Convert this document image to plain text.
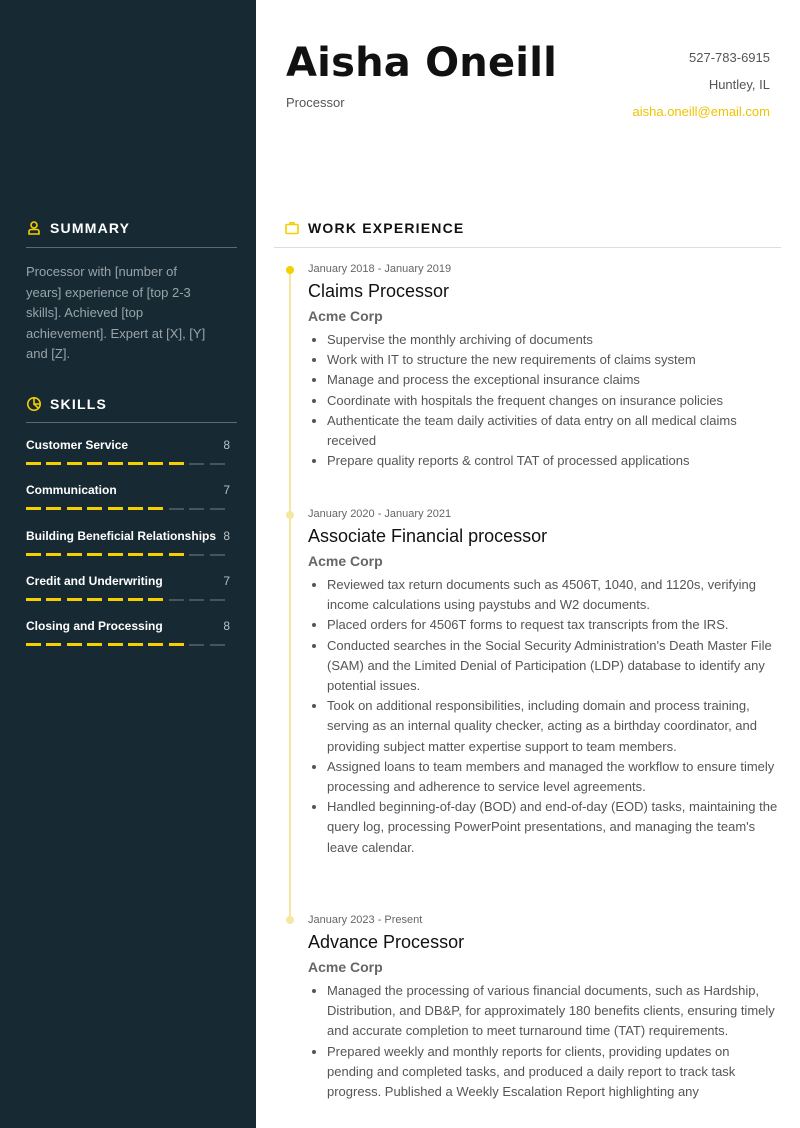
SUMMARY
Processor with [number of years] experience of [top 2-3 skills]. Achieved [top achievement]. Expert at [X], [Y] and [Z].
SKILLS
Customer Service	8
Communication	7
Building Beneficial Relationships 8
Credit and Underwriting	7
Closing and Processing	8
Aisha Oneill
Processor
527-783-6915
Huntley, IL
aisha.oneill@email.com
WORK EXPERIENCE
January 2018 - January 2019
Claims Processor
Acme Corp
• Supervise the monthly archiving of documents
• Work with IT to structure the new requirements of claims system
• Manage and process the exceptional insurance claims
• Coordinate with hospitals the frequent changes on insurance policies
• Authenticate the team daily activities of data entry on all medical claims received
• Prepare quality reports & control TAT of processed applications
January 2020 - January 2021
Associate Financial processor
Acme Corp
• Reviewed tax return documents such as 4506T, 1040, and 1120s, verifying income calculations using paystubs and W2 documents.
• Placed orders for 4506T forms to request tax transcripts from the IRS.
• Conducted searches in the Social Security Administration's Death Master File (SAM) and the Limited Denial of Participation (LDP) database to identify any potential issues.
• Took on additional responsibilities, including domain and process training, serving as an internal quality checker, acting as a birthday coordinator, and providing subject matter expertise support to team members.
• Assigned loans to team members and managed the workflow to ensure timely processing and adherence to service level agreements.
• Handled beginning-of-day (BOD) and end-of-day (EOD) tasks, maintaining the query log, processing PowerPoint presentations, and managing the team's leave calendar.
January 2023 - Present
Advance Processor
Acme Corp
• Managed the processing of various financial documents, such as Hardship, Distribution, and DB&P, for approximately 180 benefits clients, ensuring timely and accurate completion to meet turnaround time (TAT) requirements.
• Prepared weekly and monthly reports for clients, providing updates on pending and completed tasks, and produced a daily report to track task progress. Published a Weekly Escalation Report highlighting any
